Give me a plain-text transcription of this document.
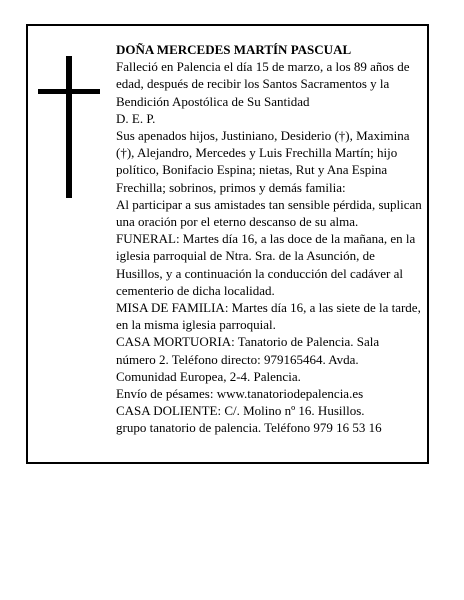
DOÑA MERCEDES MARTÍN PASCUAL

Falleció en Palencia el día 15 de marzo, a los 89 años de edad, después de recibir los Santos Sacramentos y la Bendición Apostólica de Su Santidad

D. E. P.

Sus apenados hijos, Justiniano, Desiderio (†), Maximina (†), Alejandro, Mercedes y Luis Frechilla Martín; hijo político, Bonifacio Espina; nietas, Rut y Ana Espina Frechilla; sobrinos, primos y demás familia:

Al participar a sus amistades tan sensible pérdida, suplican una oración por el eterno descanso de su alma.

FUNERAL: Martes día 16, a las doce de la mañana, en la iglesia parroquial de Ntra. Sra. de la Asunción, de Husillos, y a continuación la conducción del cadáver al cementerio de dicha localidad.

MISA DE FAMILIA: Martes día 16, a las siete de la tarde, en la misma iglesia parroquial.

CASA MORTUORIA: Tanatorio de Palencia. Sala número 2. Teléfono directo: 979165464. Avda. Comunidad Europea, 2-4. Palencia.

Envío de pésames: www.tanatoriodepalencia.es

CASA DOLIENTE: C/. Molino nº 16. Husillos.

grupo tanatorio de palencia. Teléfono 979 16 53 16
